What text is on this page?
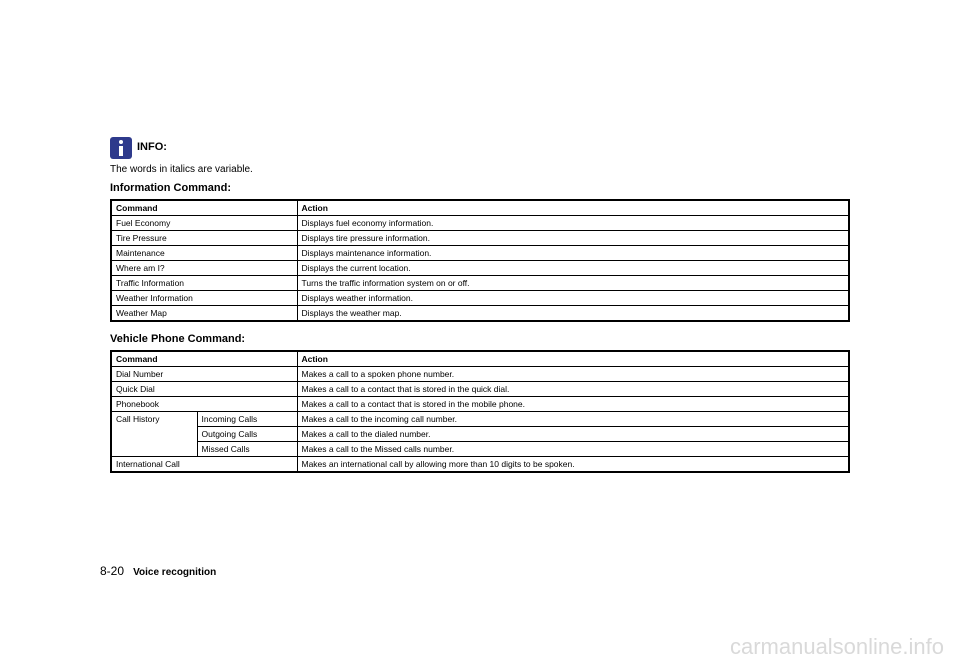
INFO:
The words in italics are variable.
Information Command:
Command	Action
Fuel Economy	Displays fuel economy information.
Tire Pressure	Displays tire pressure information.
Maintenance	Displays maintenance information.
Where am I?	Displays the current location.
Traffic Information	Turns the traffic information system on or off.
Weather Information	Displays weather information.
Weather Map	Displays the weather map.
Vehicle Phone Command:
Command		Action
Dial Number		Makes a call to a spoken phone number.
Quick Dial		Makes a call to a contact that is stored in the quick dial.
Phonebook		Makes a call to a contact that is stored in the mobile phone.
Call History	Incoming Calls	Makes a call to the incoming call number.
	Outgoing Calls	Makes a call to the dialed number.
	Missed Calls	Makes a call to the Missed calls number.
International Call		Makes an international call by allowing more than 10 digits to be spoken.
8-20 Voice recognition
carmanualsonline.info
